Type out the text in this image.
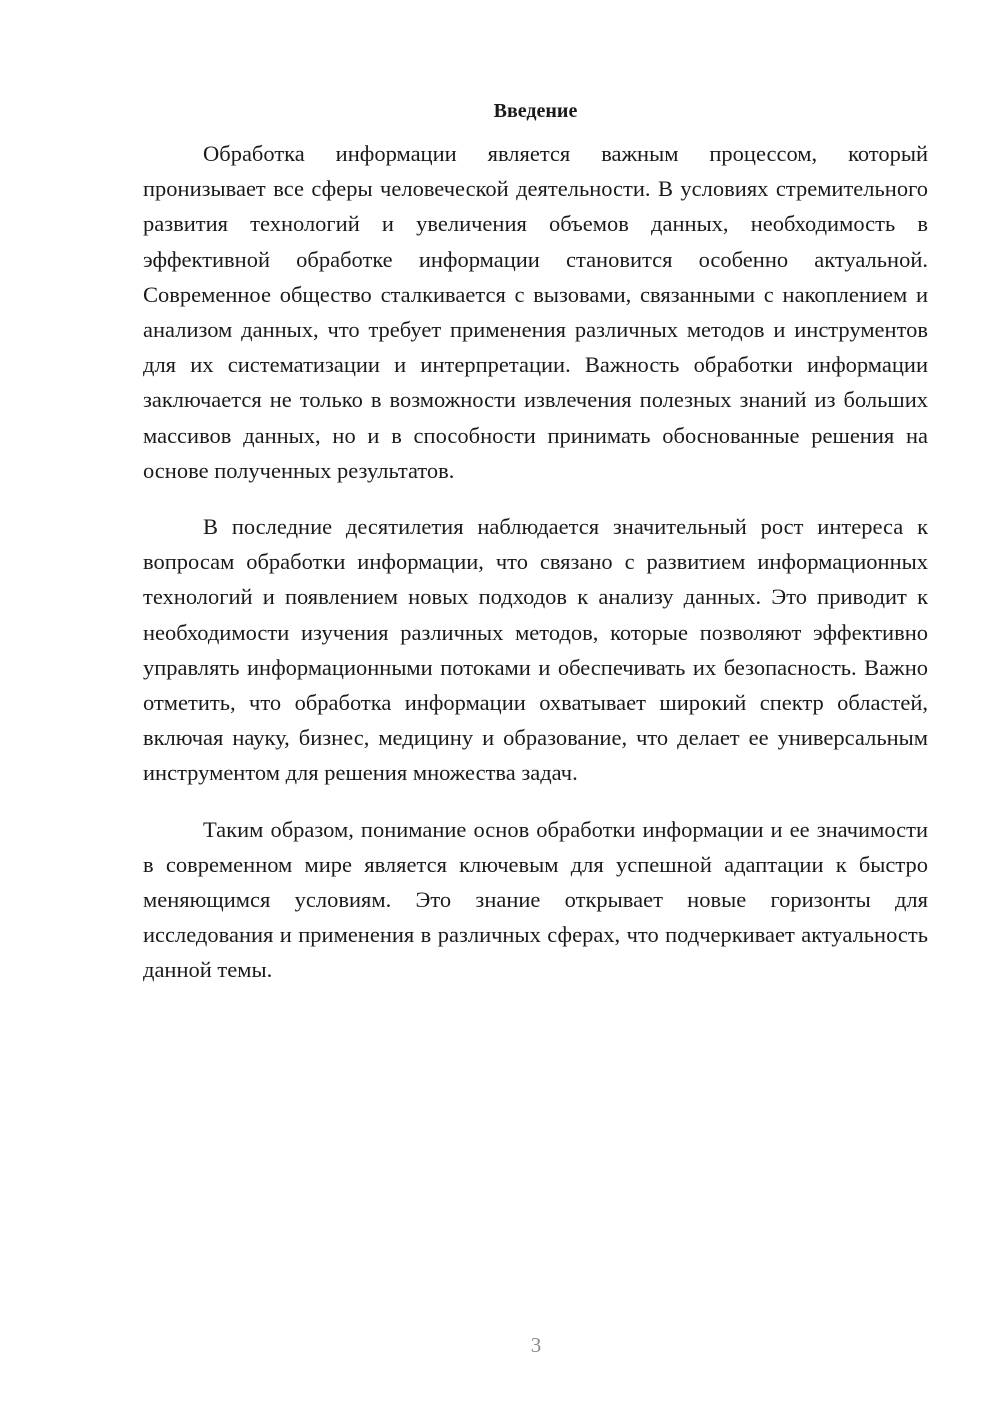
Введение

Обработка информации является важным процессом, который пронизывает все сферы человеческой деятельности. В условиях стремительного развития технологий и увеличения объемов данных, необходимость в эффективной обработке информации становится особенно актуальной. Современное общество сталкивается с вызовами, связанными с накоплением и анализом данных, что требует применения различных методов и инструментов для их систематизации и интерпретации. Важность обработки информации заключается не только в возможности извлечения полезных знаний из больших массивов данных, но и в способности принимать обоснованные решения на основе полученных результатов.

В последние десятилетия наблюдается значительный рост интереса к вопросам обработки информации, что связано с развитием информационных технологий и появлением новых подходов к анализу данных. Это приводит к необходимости изучения различных методов, которые позволяют эффективно управлять информационными потоками и обеспечивать их безопасность. Важно отметить, что обработка информации охватывает широкий спектр областей, включая науку, бизнес, медицину и образование, что делает ее универсальным инструментом для решения множества задач.

Таким образом, понимание основ обработки информации и ее значимости в современном мире является ключевым для успешной адаптации к быстро меняющимся условиям. Это знание открывает новые горизонты для исследования и применения в различных сферах, что подчеркивает актуальность данной темы.

3
